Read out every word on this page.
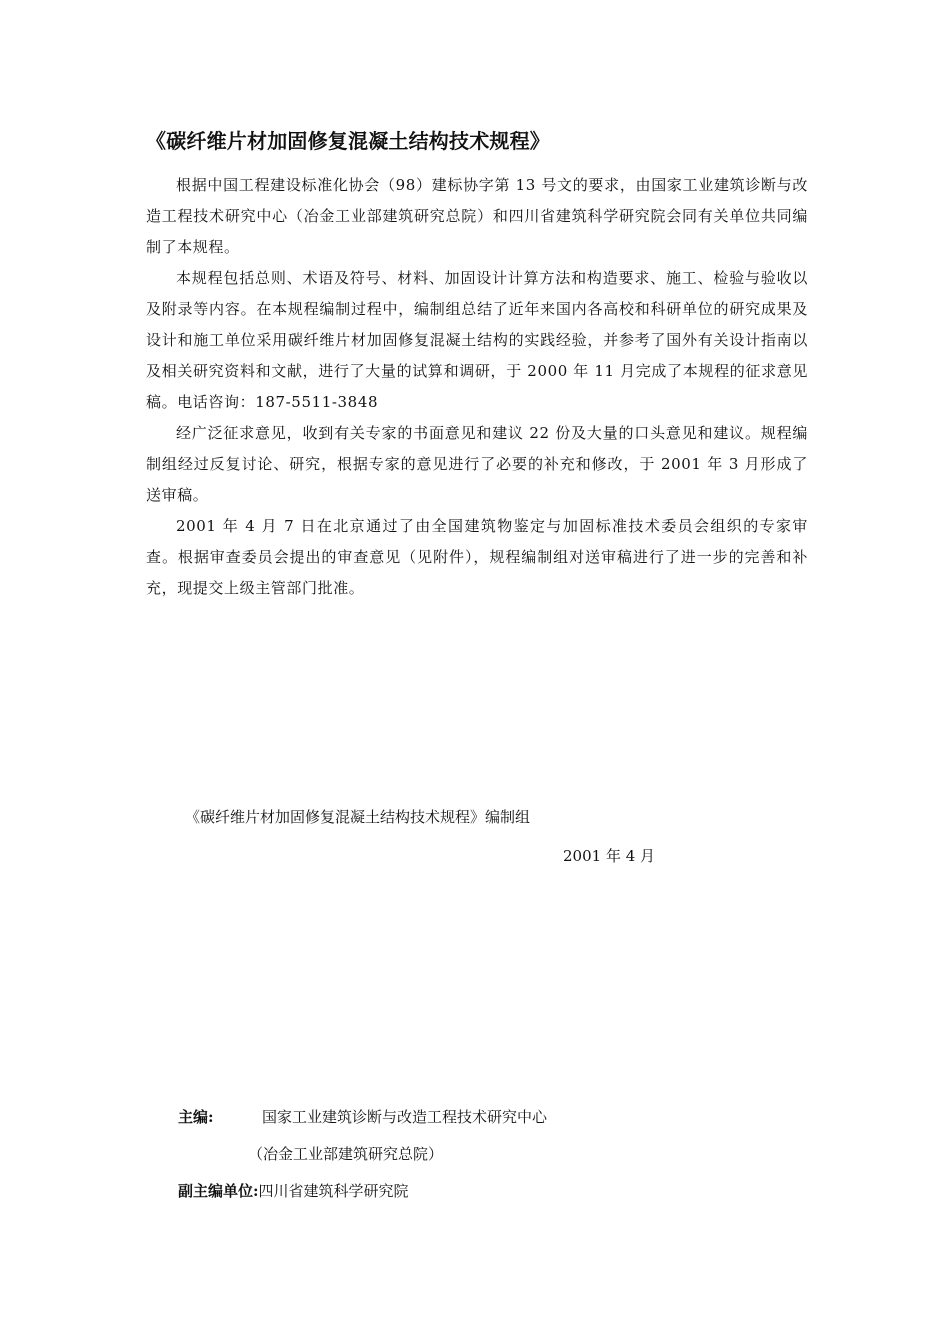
《碳纤维片材加固修复混凝土结构技术规程》

根据中国工程建设标准化协会（98）建标协字第 13 号文的要求，由国家工业建筑诊断与改造工程技术研究中心（冶金工业部建筑研究总院）和四川省建筑科学研究院会同有关单位共同编制了本规程。

本规程包括总则、术语及符号、材料、加固设计计算方法和构造要求、施工、检验与验收以及附录等内容。在本规程编制过程中，编制组总结了近年来国内各高校和科研单位的研究成果及设计和施工单位采用碳纤维片材加固修复混凝土结构的实践经验，并参考了国外有关设计指南以及相关研究资料和文献，进行了大量的试算和调研，于 2000 年 11 月完成了本规程的征求意见稿。电话咨询：187-5511-3848

经广泛征求意见，收到有关专家的书面意见和建议 22 份及大量的口头意见和建议。规程编制组经过反复讨论、研究，根据专家的意见进行了必要的补充和修改，于 2001 年 3 月形成了送审稿。

2001 年 4 月 7 日在北京通过了由全国建筑物鉴定与加固标准技术委员会组织的专家审查。根据审查委员会提出的审查意见（见附件），规程编制组对送审稿进行了进一步的完善和补充，现提交上级主管部门批准。

《碳纤维片材加固修复混凝土结构技术规程》编制组
2001 年 4 月
主编:	国家工业建筑诊断与改造工程技术研究中心
（冶金工业部建筑研究总院）
副主编单位:四川省建筑科学研究院
